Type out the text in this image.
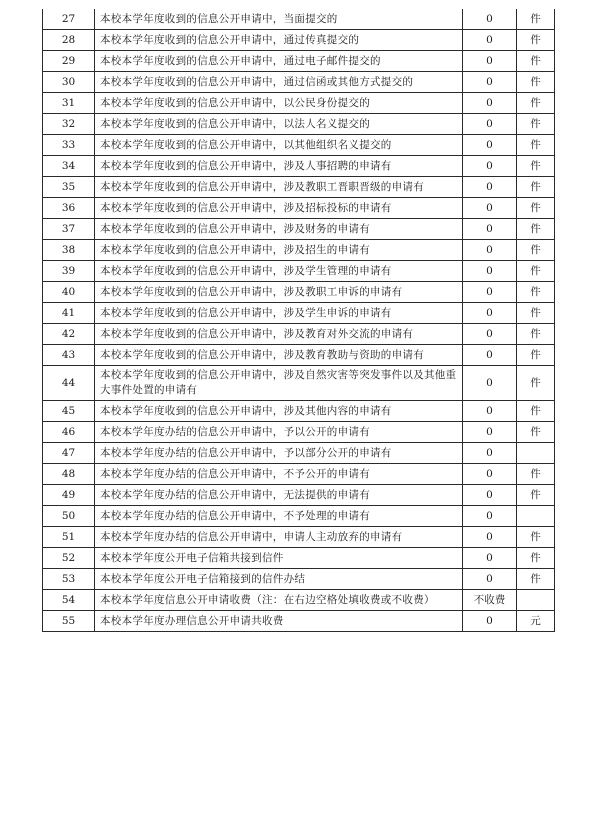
27	本校本学年度收到的信息公开申请中，当面提交的	0	件
28	本校本学年度收到的信息公开申请中，通过传真提交的	0	件
29	本校本学年度收到的信息公开申请中，通过电子邮件提交的	0	件
30	本校本学年度收到的信息公开申请中，通过信函或其他方式提交的	0	件
31	本校本学年度收到的信息公开申请中，以公民身份提交的	0	件
32	本校本学年度收到的信息公开申请中，以法人名义提交的	0	件
33	本校本学年度收到的信息公开申请中，以其他组织名义提交的	0	件
34	本校本学年度收到的信息公开申请中，涉及人事招聘的申请有	0	件
35	本校本学年度收到的信息公开申请中，涉及教职工晋职晋级的申请有	0	件
36	本校本学年度收到的信息公开申请中，涉及招标投标的申请有	0	件
37	本校本学年度收到的信息公开申请中，涉及财务的申请有	0	件
38	本校本学年度收到的信息公开申请中，涉及招生的申请有	0	件
39	本校本学年度收到的信息公开申请中，涉及学生管理的申请有	0	件
40	本校本学年度收到的信息公开申请中，涉及教职工申诉的申请有	0	件
41	本校本学年度收到的信息公开申请中，涉及学生申诉的申请有	0	件
42	本校本学年度收到的信息公开申请中，涉及教育对外交流的申请有	0	件
43	本校本学年度收到的信息公开申请中，涉及教育教助与资助的申请有	0	件
44	本校本学年度收到的信息公开申请中，涉及自然灾害等突发事件以及其他重大事件处置的申请有	0	件
45	本校本学年度收到的信息公开申请中，涉及其他内容的申请有	0	件
46	本校本学年度办结的信息公开申请中，予以公开的申请有	0	件
47	本校本学年度办结的信息公开申请中，予以部分公开的申请有	0	
48	本校本学年度办结的信息公开申请中，不予公开的申请有	0	件
49	本校本学年度办结的信息公开申请中，无法提供的申请有	0	件
50	本校本学年度办结的信息公开申请中，不予处理的申请有	0	
51	本校本学年度办结的信息公开申请中，申请人主动放弃的申请有	0	件
52	本校本学年度公开电子信箱共接到信件	0	件
53	本校本学年度公开电子信箱接到的信件办结	0	件
54	本校本学年度信息公开申请收费（注：在右边空格处填收费或不收费）	不收费	
55	本校本学年度办理信息公开申请共收费	0	元
